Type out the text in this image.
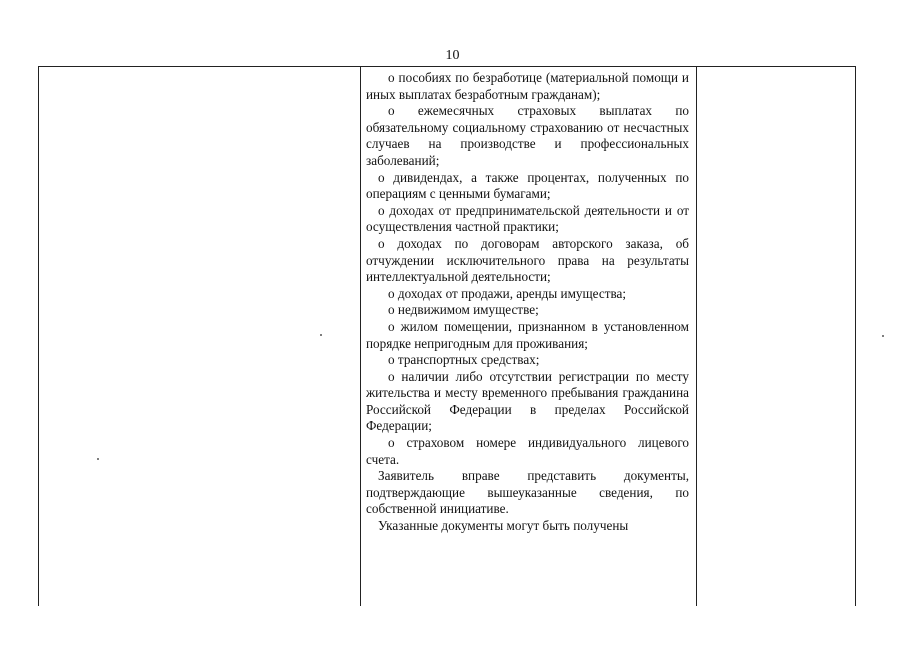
10

о пособиях по безработице (материальной помощи и иных выплатах безработным гражданам);

о ежемесячных страховых выплатах по обязательному социальному страхованию от несчастных случаев на производстве и профессиональных заболеваний;

о дивидендах, а также процентах, полученных по операциям с ценными бумагами;

о доходах от предпринимательской деятельности и от осуществления частной практики;

о доходах по договорам авторского заказа, об отчуждении исключительного права на результаты интеллектуальной деятельности;

о доходах от продажи, аренды имущества;

о недвижимом имуществе;

о жилом помещении, признанном в установленном порядке непригодным для проживания;

о транспортных средствах;

о наличии либо отсутствии регистрации по месту жительства и месту временного пребывания гражданина Российской Федерации в пределах Российской Федерации;

о страховом номере индивидуального лицевого счета.

Заявитель вправе представить документы, подтверждающие вышеуказанные сведения, по собственной инициативе.

Указанные документы могут быть получены
